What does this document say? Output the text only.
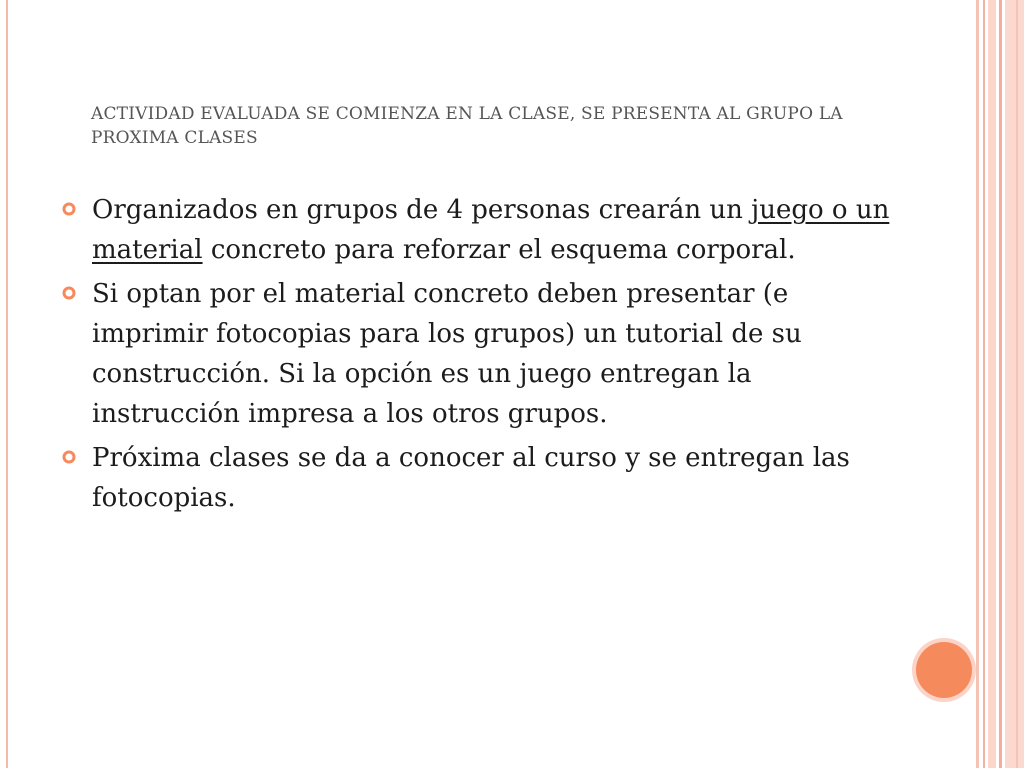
ACTIVIDAD EVALUADA SE COMIENZA EN LA CLASE, SE PRESENTA AL GRUPO LA PROXIMA CLASES
Organizados en grupos de 4 personas crearán un juego o un material concreto para reforzar el esquema corporal.
Si optan por el material concreto deben presentar (e imprimir fotocopias para los grupos) un tutorial de su construcción. Si la opción es un juego entregan la instrucción impresa a los otros grupos.
Próxima clases se da a conocer al curso y se entregan las fotocopias.
